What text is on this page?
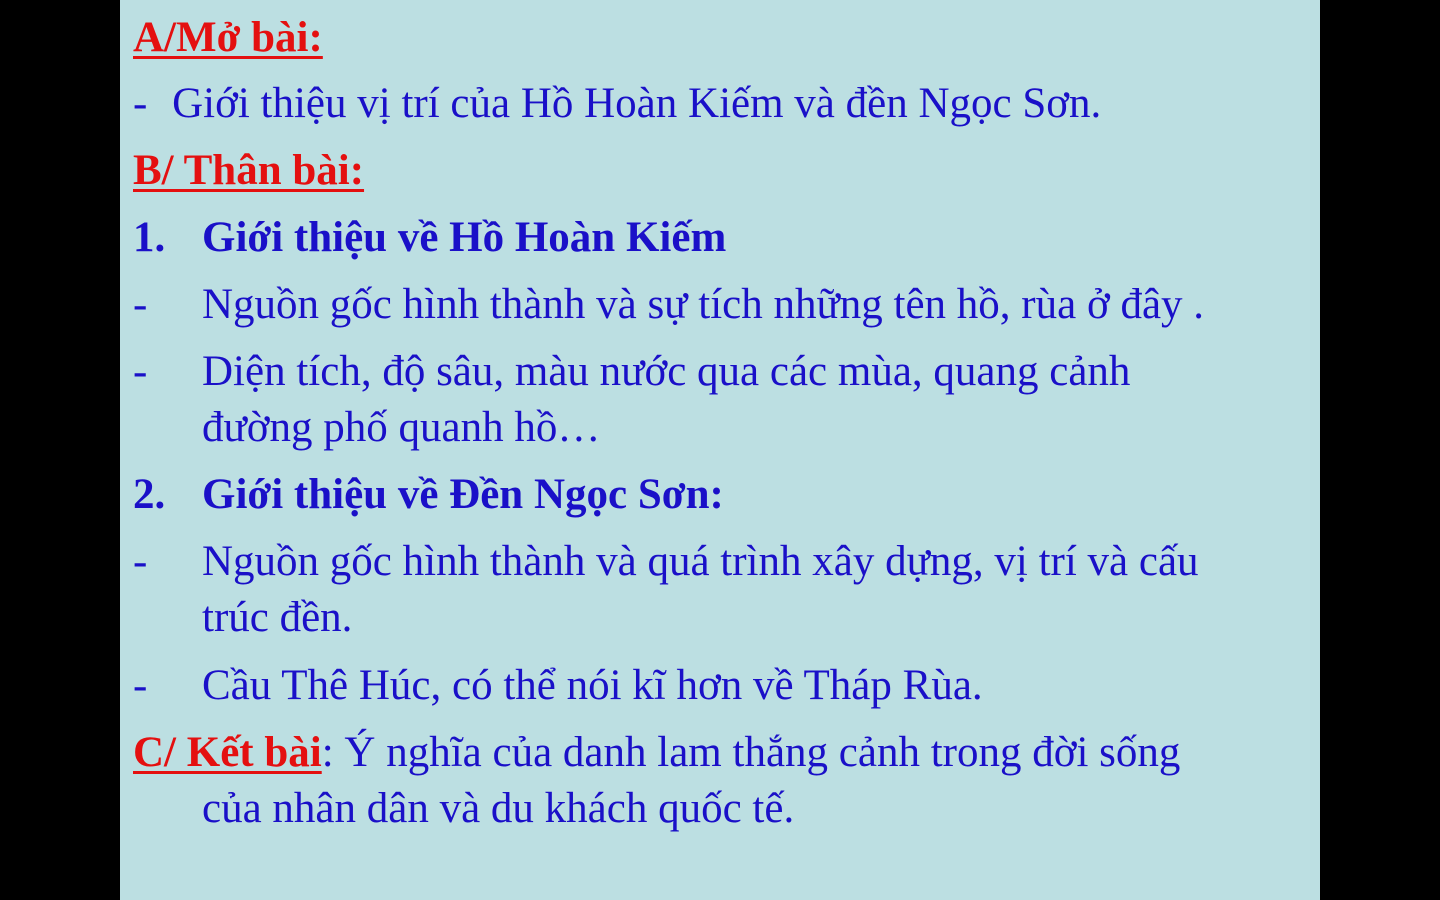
A/Mở bài:
- Giới thiệu vị trí của Hồ Hoàn Kiếm và đền Ngọc Sơn.
B/ Thân bài:
1. Giới thiệu về Hồ Hoàn Kiếm
- Nguồn gốc hình thành và sự tích những tên hồ, rùa ở đây .
- Diện tích, độ sâu, màu nước qua các mùa, quang cảnh
đường phố quanh hồ…
2. Giới thiệu về Đền Ngọc Sơn:
- Nguồn gốc hình thành và quá trình xây dựng, vị trí và cấu
trúc đền.
- Cầu Thê Húc, có thể nói kĩ hơn về Tháp Rùa.
C/ Kết bài: Ý nghĩa của danh lam thắng cảnh trong đời sống
của nhân dân và du khách quốc tế.
